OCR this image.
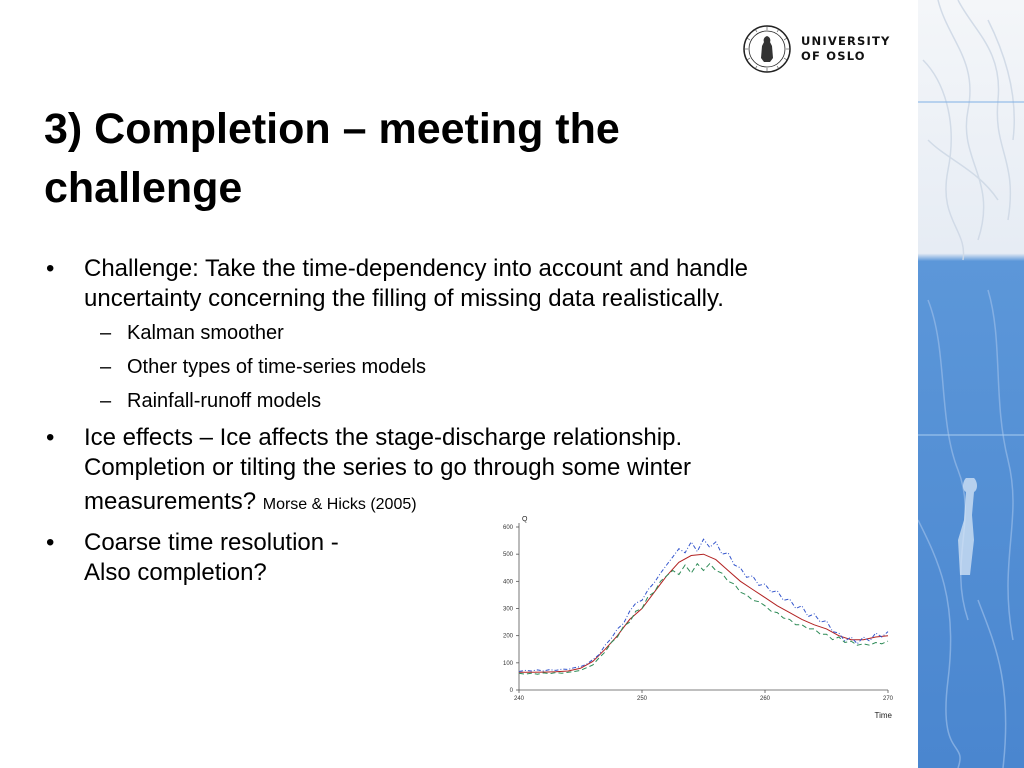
UNIVERSITY
OF OSLO
3) Completion – meeting the
challenge
• Challenge: Take the time-dependency into account and handle
uncertainty concerning the filling of missing data realistically.
– Kalman smoother
– Other types of time-series models
– Rainfall-runoff models
• Ice effects – Ice affects the stage-discharge relationship.
Completion or tilting the series to go through some winter
measurements? Morse & Hicks (2005)
• Coarse time resolution -
Also completion?
0
100
200
300
400
500
600
240	250	260	270
Q
Time
